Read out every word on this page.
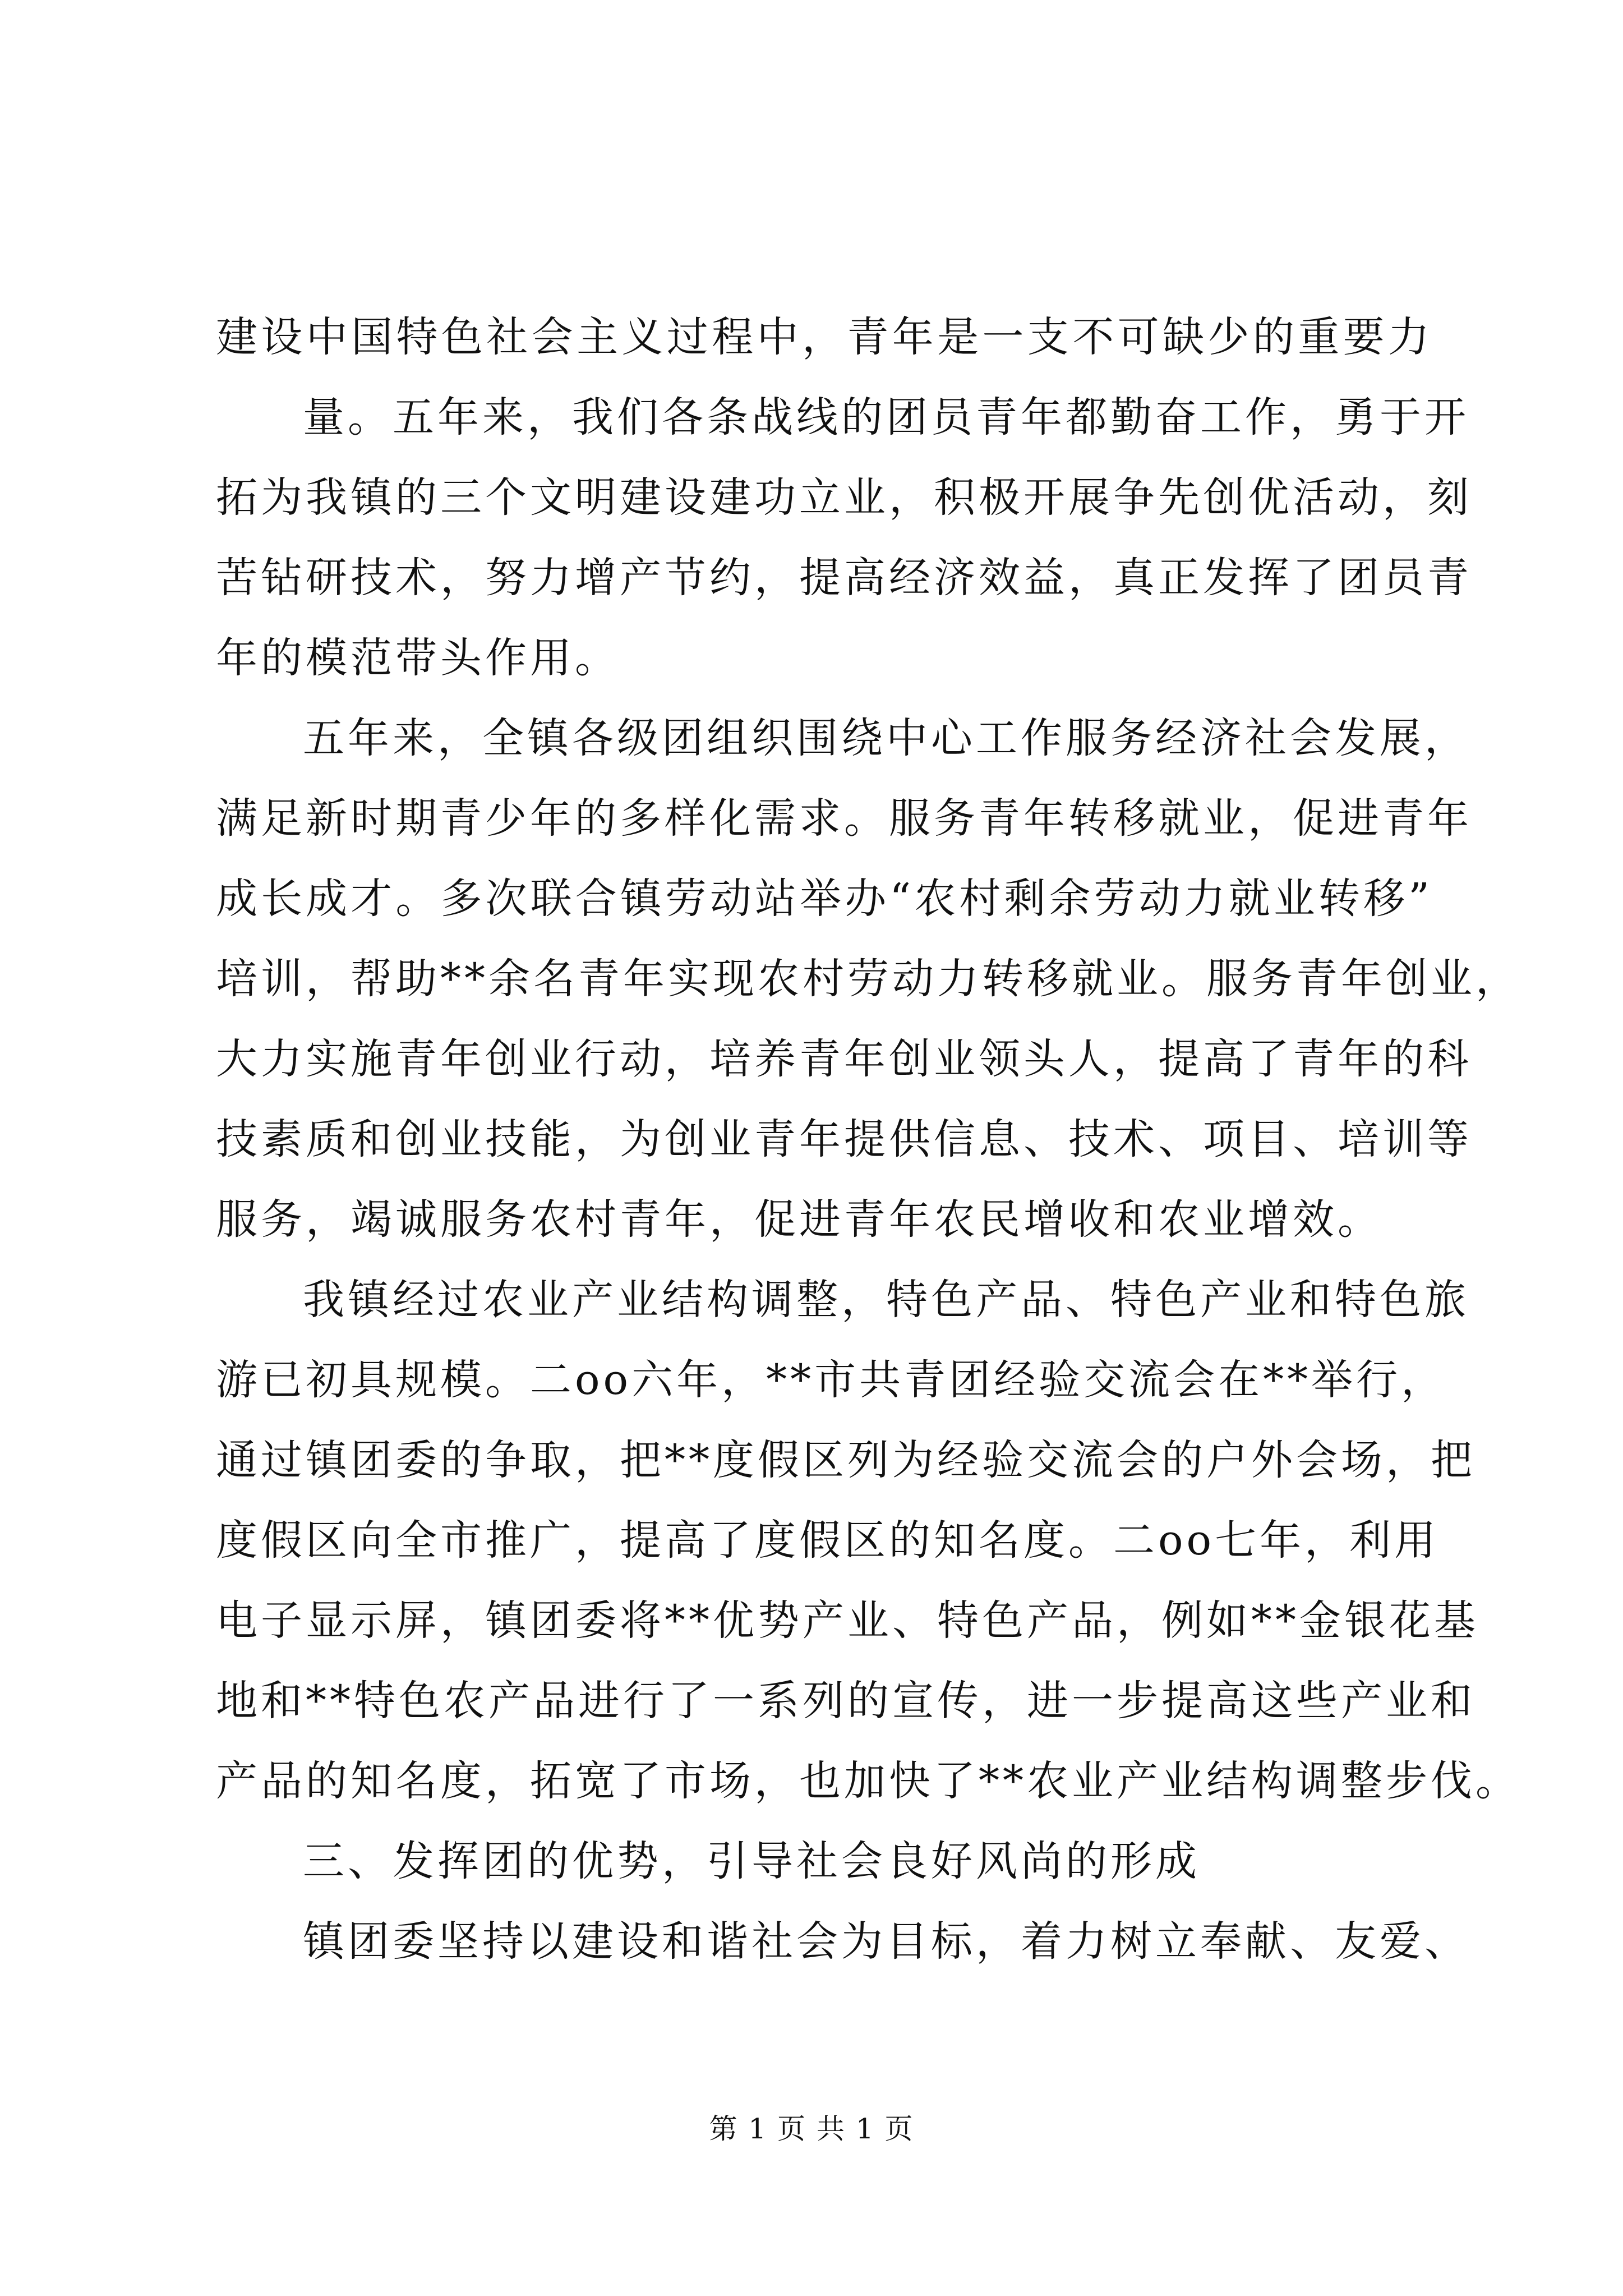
建设中国特色社会主义过程中，青年是一支不可缺少的重要力
量。五年来，我们各条战线的团员青年都勤奋工作，勇于开
拓为我镇的三个文明建设建功立业，积极开展争先创优活动，刻
苦钻研技术，努力增产节约，提高经济效益，真正发挥了团员青
年的模范带头作用。
五年来，全镇各级团组织围绕中心工作服务经济社会发展，
满足新时期青少年的多样化需求。服务青年转移就业，促进青年
成长成才。多次联合镇劳动站举办“农村剩余劳动力就业转移”
培训，帮助**余名青年实现农村劳动力转移就业。服务青年创业，
大力实施青年创业行动，培养青年创业领头人，提高了青年的科
技素质和创业技能，为创业青年提供信息、技术、项目、培训等
服务，竭诚服务农村青年，促进青年农民增收和农业增效。
我镇经过农业产业结构调整，特色产品、特色产业和特色旅
游已初具规模。二oo六年，**市共青团经验交流会在**举行，
通过镇团委的争取，把**度假区列为经验交流会的户外会场，把
度假区向全市推广，提高了度假区的知名度。二oo七年，利用
电子显示屏，镇团委将**优势产业、特色产品，例如**金银花基
地和**特色农产品进行了一系列的宣传，进一步提高这些产业和
产品的知名度，拓宽了市场，也加快了**农业产业结构调整步伐。
三、发挥团的优势，引导社会良好风尚的形成
镇团委坚持以建设和谐社会为目标，着力树立奉献、友爱、
第 1 页 共 1 页
